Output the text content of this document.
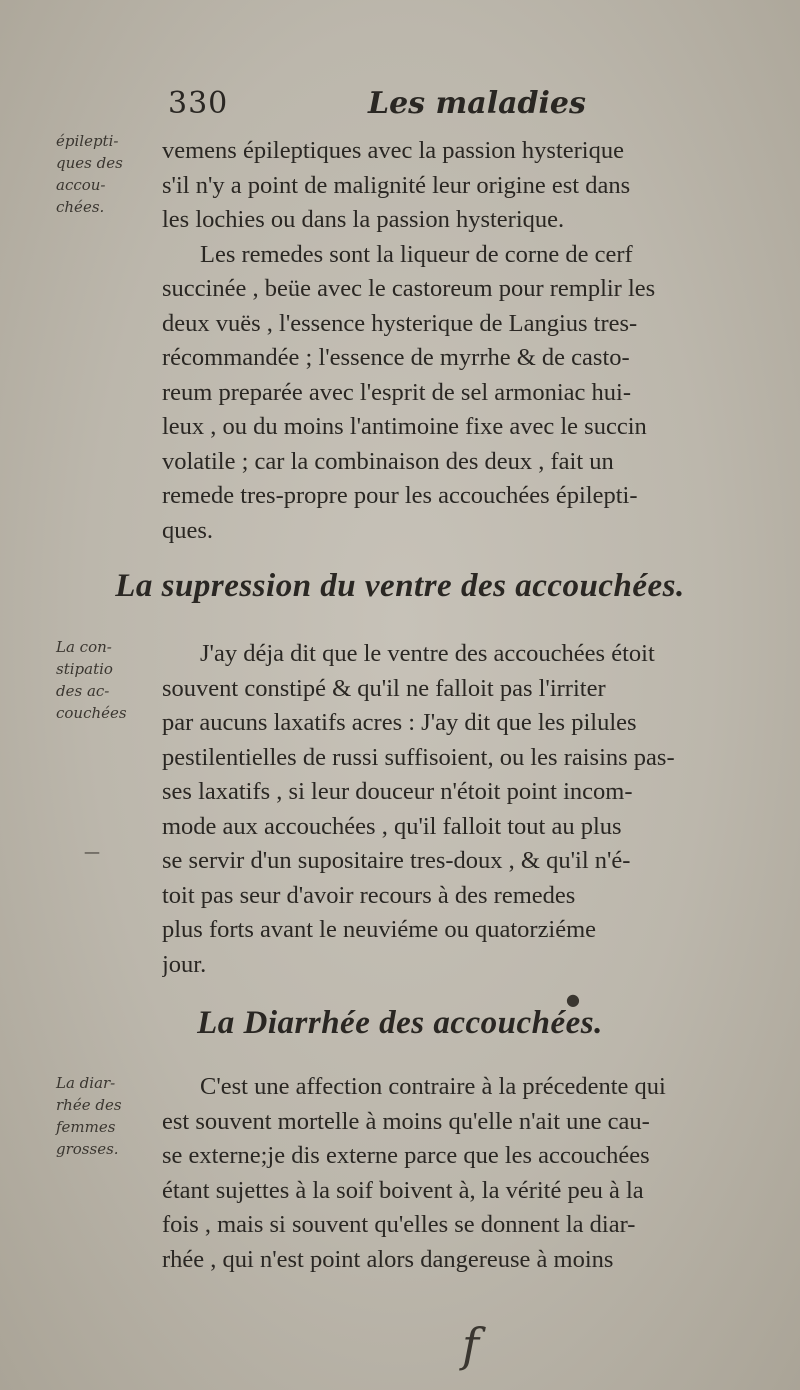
330	Les maladies
épilepti-
ques des
accou-
chées.
vemens épileptiques avec la passion hysterique
s'il n'y a point de malignité leur origine est dans
les lochies ou dans la passion hysterique.
Les remedes sont la liqueur de corne de cerf
succinée , beüe avec le castoreum pour remplir les
deux vuës , l'essence hysterique de Langius tres-
récommandée ; l'essence de myrrhe & de casto-
reum preparée avec l'esprit de sel armoniac hui-
leux , ou du moins l'antimoine fixe avec le succin
volatile ; car la combinaison des deux , fait un
remede tres-propre pour les accouchées épilepti-
ques.
La supression du ventre des accouchées.
La con-
stipatio
des ac-
couchées
—
J'ay déja dit que le ventre des accouchées étoit
souvent constipé & qu'il ne falloit pas l'irriter
par aucuns laxatifs acres : J'ay dit que les pilules
pestilentielles de russi suffisoient, ou les raisins pas-
ses laxatifs , si leur douceur n'étoit point incom-
mode aux accouchées , qu'il falloit tout au plus
se servir d'un supositaire tres-doux , & qu'il n'é-
toit pas seur d'avoir recours à des remedes
plus forts avant le neuviéme ou quatorziéme
jour.
●
La Diarrhée des accouchées.
La diar-
rhée des
femmes
grosses.
C'est une affection contraire à la précedente qui
est souvent mortelle à moins qu'elle n'ait une cau-
se externe;je dis externe parce que les accouchées
étant sujettes à la soif boivent à, la vérité peu à la
fois , mais si souvent qu'elles se donnent la diar-
rhée , qui n'est point alors dangereuse à moins
f
